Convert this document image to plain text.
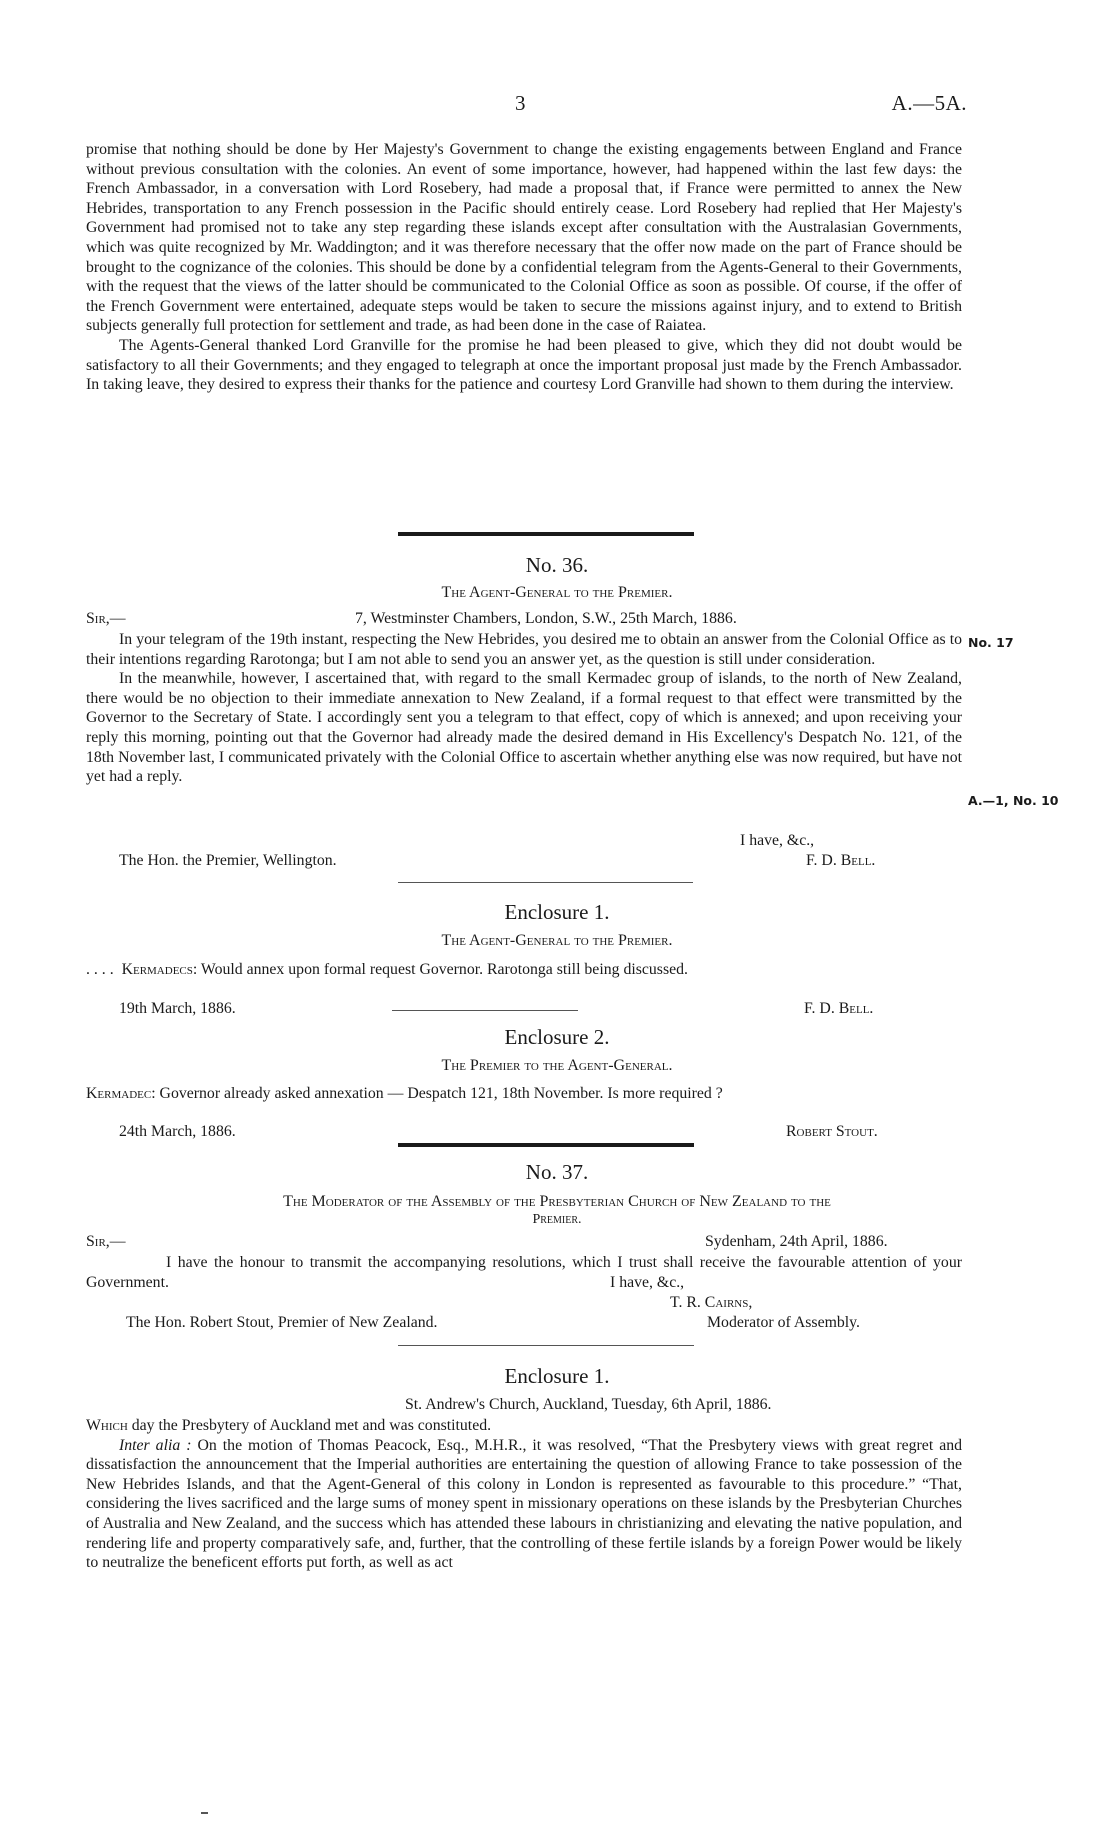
3	A.—5A.

promise that nothing should be done by Her Majesty's Government to change the existing engagements between England and France without previous consultation with the colonies. An event of some importance, however, had happened within the last few days: the French Ambassador, in a conversation with Lord Rosebery, had made a proposal that, if France were permitted to annex the New Hebrides, transportation to any French possession in the Pacific should entirely cease. Lord Rosebery had replied that Her Majesty's Government had promised not to take any step regarding these islands except after consultation with the Australasian Governments, which was quite recognized by Mr. Waddington; and it was therefore necessary that the offer now made on the part of France should be brought to the cognizance of the colonies. This should be done by a confidential telegram from the Agents-General to their Governments, with the request that the views of the latter should be communicated to the Colonial Office as soon as possible. Of course, if the offer of the French Government were entertained, adequate steps would be taken to secure the missions against injury, and to extend to British subjects generally full protection for settlement and trade, as had been done in the case of Raiatea.

The Agents-General thanked Lord Granville for the promise he had been pleased to give, which they did not doubt would be satisfactory to all their Governments; and they engaged to telegraph at once the important proposal just made by the French Ambassador. In taking leave, they desired to express their thanks for the patience and courtesy Lord Granville had shown to them during the interview.

No. 36.
The Agent-General to the Premier.
Sir,—	7, Westminster Chambers, London, S.W., 25th March, 1886.

In your telegram of the 19th instant, respecting the New Hebrides, you desired me to obtain an answer from the Colonial Office as to their intentions regarding Rarotonga; but I am not able to send you an answer yet, as the question is still under consideration.

In the meanwhile, however, I ascertained that, with regard to the small Kermadec group of islands, to the north of New Zealand, there would be no objection to their immediate annexation to New Zealand, if a formal request to that effect were transmitted by the Governor to the Secretary of State. I accordingly sent you a telegram to that effect, copy of which is annexed; and upon receiving your reply this morning, pointing out that the Governor had already made the desired demand in His Excellency's Despatch No. 121, of the 18th November last, I communicated privately with the Colonial Office to ascertain whether anything else was now required, but have not yet had a reply.

No. 17
A.—1, No. 10
I have, &c.,
The Hon. the Premier, Wellington.	F. D. Bell.
Enclosure 1.
The Agent-General to the Premier.

. . . . Kermadecs: Would annex upon formal request Governor. Rarotonga still being discussed.

19th March, 1886.	F. D. Bell.
Enclosure 2.
The Premier to the Agent-General.

Kermadec: Governor already asked annexation — Despatch 121, 18th November. Is more required ?

24th March, 1886.	Robert Stout.
No. 37.
The Moderator of the Assembly of the Presbyterian Church of New Zealand to the
Premier.
Sir,—	Sydenham, 24th April, 1886.

I have the honour to transmit the accompanying resolutions, which I trust shall receive the favourable attention of your Government.	I have, &c.,
T. R. Cairns,
The Hon. Robert Stout, Premier of New Zealand.	Moderator of Assembly.
Enclosure 1.
St. Andrew's Church, Auckland, Tuesday, 6th April, 1886.

Which day the Presbytery of Auckland met and was constituted.

Inter alia : On the motion of Thomas Peacock, Esq., M.H.R., it was resolved, “That the Presbytery views with great regret and dissatisfaction the announcement that the Imperial authorities are entertaining the question of allowing France to take possession of the New Hebrides Islands, and that the Agent-General of this colony in London is represented as favourable to this procedure.” “That, considering the lives sacrificed and the large sums of money spent in missionary operations on these islands by the Presbyterian Churches of Australia and New Zealand, and the success which has attended these labours in christianizing and elevating the native population, and rendering life and property comparatively safe, and, further, that the controlling of these fertile islands by a foreign Power would be likely to neutralize the beneficent efforts put forth, as well as act
